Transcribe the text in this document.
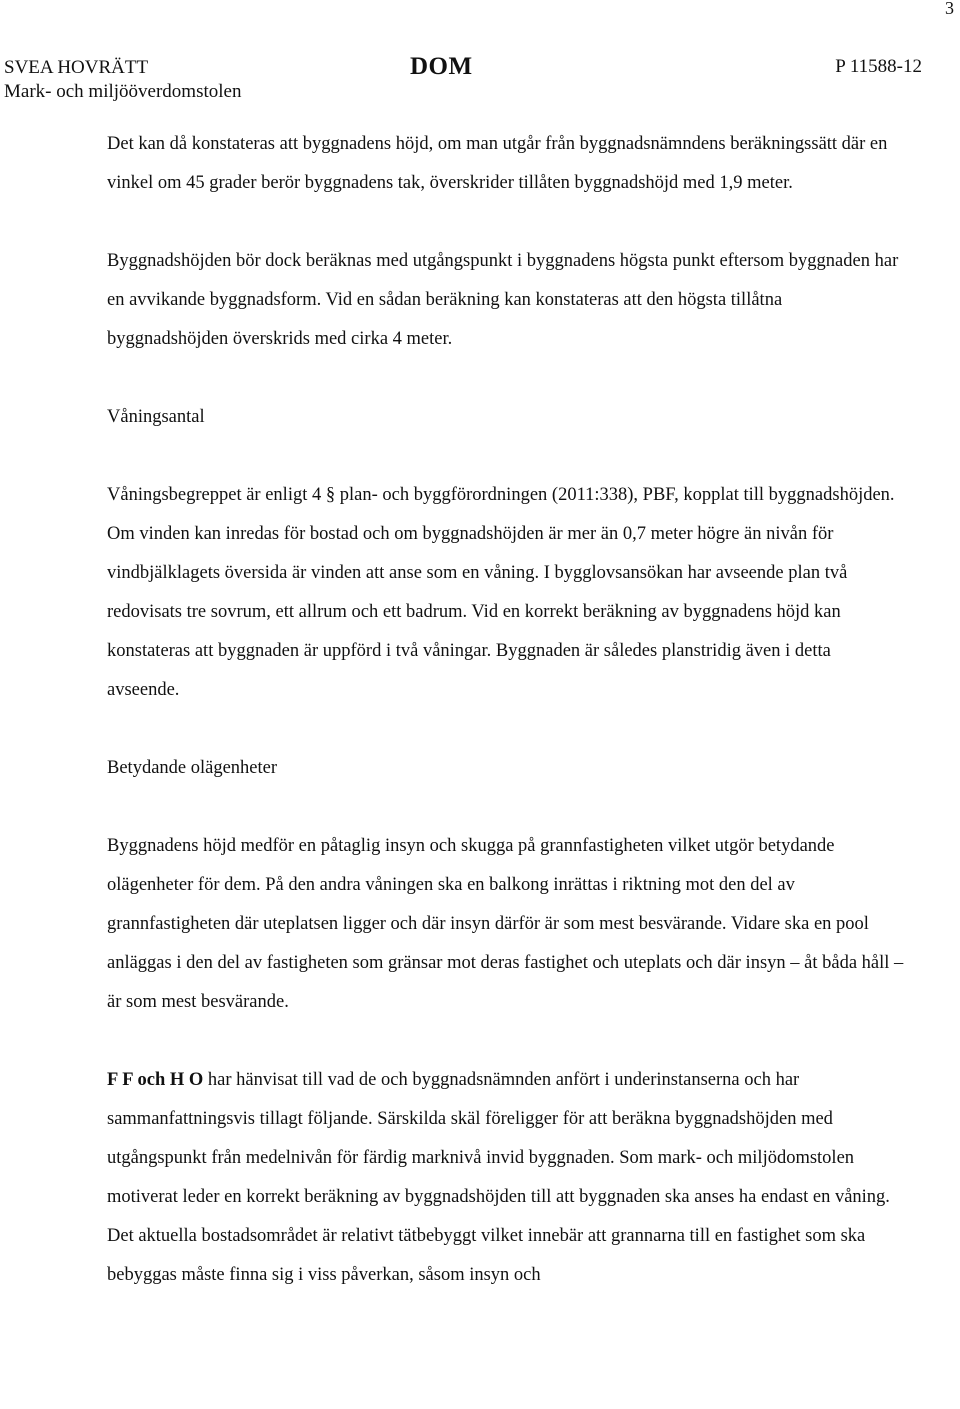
3
SVEA HOVRÄTT
Mark- och miljööverdomstolen
DOM	P 11588-12

Det kan då konstateras att byggnadens höjd, om man utgår från byggnadsnämndens beräkningssätt där en vinkel om 45 grader berör byggnadens tak, överskrider tillåten byggnadshöjd med 1,9 meter.

Byggnadshöjden bör dock beräknas med utgångspunkt i byggnadens högsta punkt eftersom byggnaden har en avvikande byggnadsform. Vid en sådan beräkning kan konstateras att den högsta tillåtna byggnadshöjden överskrids med cirka 4 meter.

Våningsantal

Våningsbegreppet är enligt 4 § plan- och byggförordningen (2011:338), PBF, kopplat till byggnadshöjden. Om vinden kan inredas för bostad och om byggnadshöjden är mer än 0,7 meter högre än nivån för vindbjälklagets översida är vinden att anse som en våning. I bygglovsansökan har avseende plan två redovisats tre sovrum, ett allrum och ett badrum. Vid en korrekt beräkning av byggnadens höjd kan konstateras att byggnaden är uppförd i två våningar. Byggnaden är således planstridig även i detta avseende.

Betydande olägenheter

Byggnadens höjd medför en påtaglig insyn och skugga på grannfastigheten vilket utgör betydande olägenheter för dem. På den andra våningen ska en balkong inrättas i riktning mot den del av grannfastigheten där uteplatsen ligger och där insyn därför är som mest besvärande. Vidare ska en pool anläggas i den del av fastigheten som gränsar mot deras fastighet och uteplats och där insyn – åt båda håll – är som mest besvärande.

F F och H O har hänvisat till vad de och byggnadsnämnden anfört i underinstanserna och har sammanfattningsvis tillagt följande. Särskilda skäl föreligger för att beräkna byggnadshöjden med utgångspunkt från medelnivån för färdig marknivå invid byggnaden. Som mark- och miljödomstolen motiverat leder en korrekt beräkning av byggnadshöjden till att byggnaden ska anses ha endast en våning. Det aktuella bostadsområdet är relativt tätbebyggt vilket innebär att grannarna till en fastighet som ska bebyggas måste finna sig i viss påverkan, såsom insyn och
